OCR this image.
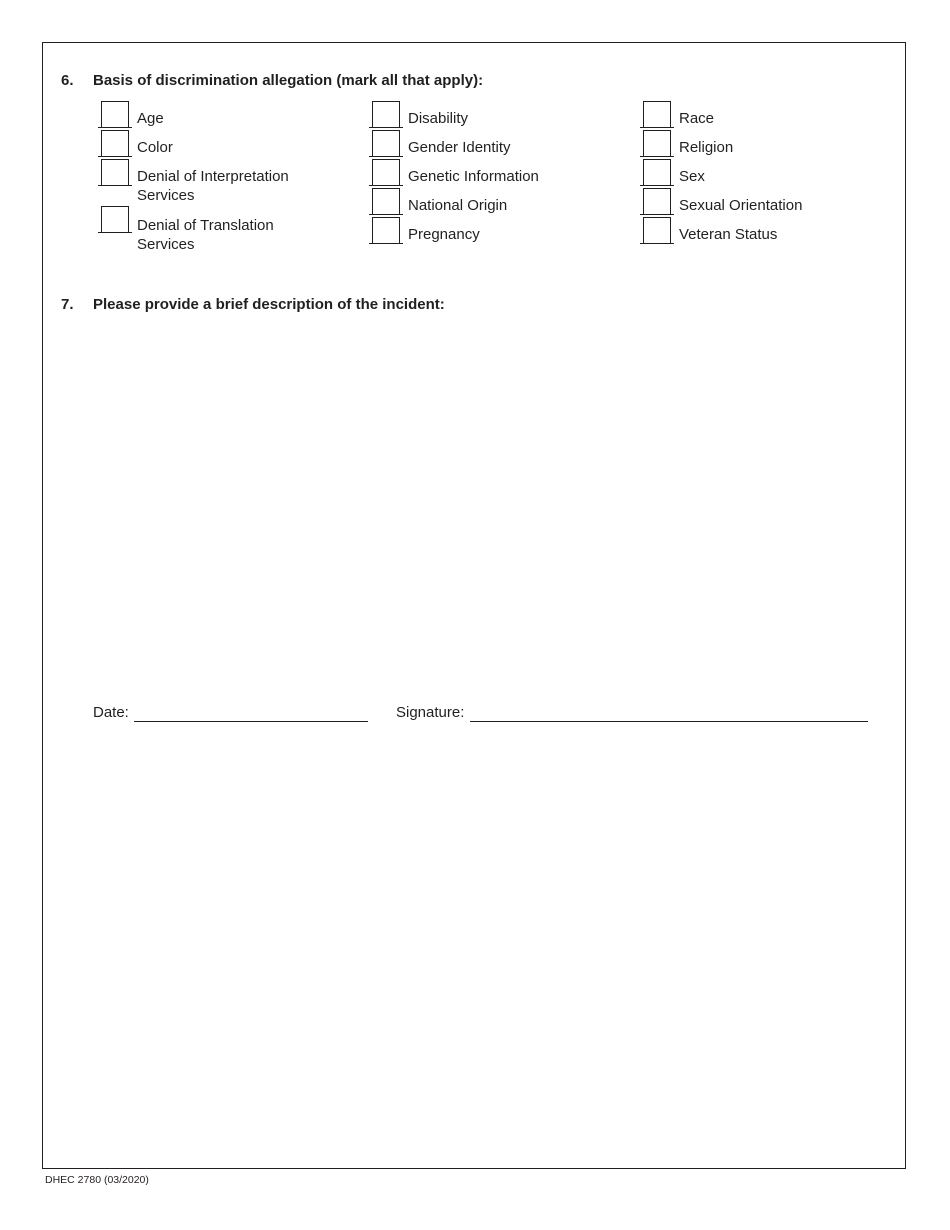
6. Basis of discrimination allegation (mark all that apply):
Age
Color
Denial of Interpretation
Services
Denial of Translation
Services
Disability
Gender Identity
Genetic Information
National Origin
Pregnancy
Race
Religion
Sex
Sexual Orientation
Veteran Status
7. Please provide a brief description of the incident:
Date:	Signature:
DHEC 2780 (03/2020)
